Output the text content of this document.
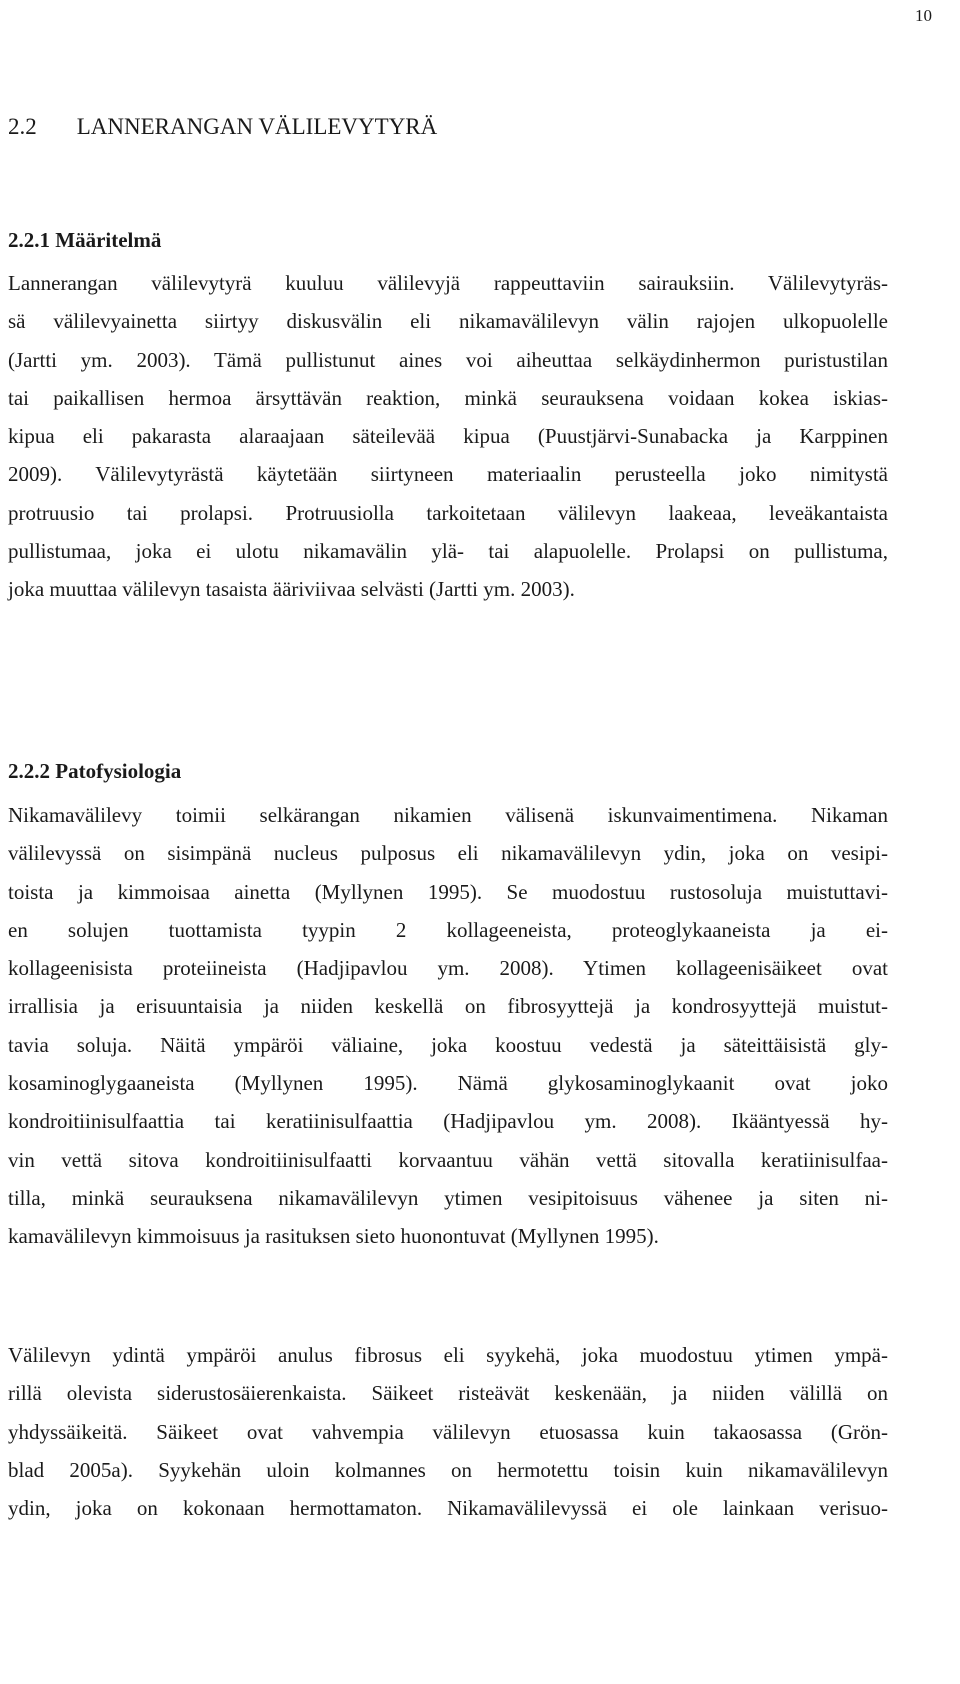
10
2.2 LANNERANGAN VÄLILEVYTYRÄ
2.2.1 Määritelmä
Lannerangan välilevytyrä kuuluu välilevyjä rappeuttaviin sairauksiin. Välilevytyräs-
sä välilevyainetta siirtyy diskusvälin eli nikamavälilevyn välin rajojen ulkopuolelle
(Jartti ym. 2003). Tämä pullistunut aines voi aiheuttaa selkäydinhermon puristustilan
tai paikallisen hermoa ärsyttävän reaktion, minkä seurauksena voidaan kokea iskias-
kipua eli pakarasta alaraajaan säteilevää kipua (Puustjärvi-Sunabacka ja Karppinen
2009). Välilevytyrästä käytetään siirtyneen materiaalin perusteella joko nimitystä
protruusio tai prolapsi. Protruusiolla tarkoitetaan välilevyn laakeaa, leveäkantaista
pullistumaa, joka ei ulotu nikamavälin ylä- tai alapuolelle. Prolapsi on pullistuma,
joka muuttaa välilevyn tasaista ääriviivaa selvästi (Jartti ym. 2003).
2.2.2 Patofysiologia
Nikamavälilevy toimii selkärangan nikamien välisenä iskunvaimentimena. Nikaman
välilevyssä on sisimpänä nucleus pulposus eli nikamavälilevyn ydin, joka on vesipi-
toista ja kimmoisaa ainetta (Myllynen 1995). Se muodostuu rustosoluja muistuttavi-
en solujen tuottamista tyypin 2 kollageeneista, proteoglykaaneista ja ei-
kollageenisista proteiineista (Hadjipavlou ym. 2008). Ytimen kollageenisäikeet ovat
irrallisia ja erisuuntaisia ja niiden keskellä on fibrosyyttejä ja kondrosyyttejä muistut-
tavia soluja. Näitä ympäröi väliaine, joka koostuu vedestä ja säteittäisistä gly-
kosaminoglygaaneista (Myllynen 1995). Nämä glykosaminoglykaanit ovat joko
kondroitiinisulfaattia tai keratiinisulfaattia (Hadjipavlou ym. 2008). Ikääntyessä hy-
vin vettä sitova kondroitiinisulfaatti korvaantuu vähän vettä sitovalla keratiinisulfaa-
tilla, minkä seurauksena nikamavälilevyn ytimen vesipitoisuus vähenee ja siten ni-
kamavälilevyn kimmoisuus ja rasituksen sieto huonontuvat (Myllynen 1995).
Välilevyn ydintä ympäröi anulus fibrosus eli syykehä, joka muodostuu ytimen ympä-
rillä olevista siderustosäierenkaista. Säikeet risteävät keskenään, ja niiden välillä on
yhdyssäikeitä. Säikeet ovat vahvempia välilevyn etuosassa kuin takaosassa (Grön-
blad 2005a). Syykehän uloin kolmannes on hermotettu toisin kuin nikamavälilevyn
ydin, joka on kokonaan hermottamaton. Nikamavälilevyssä ei ole lainkaan verisuo-
